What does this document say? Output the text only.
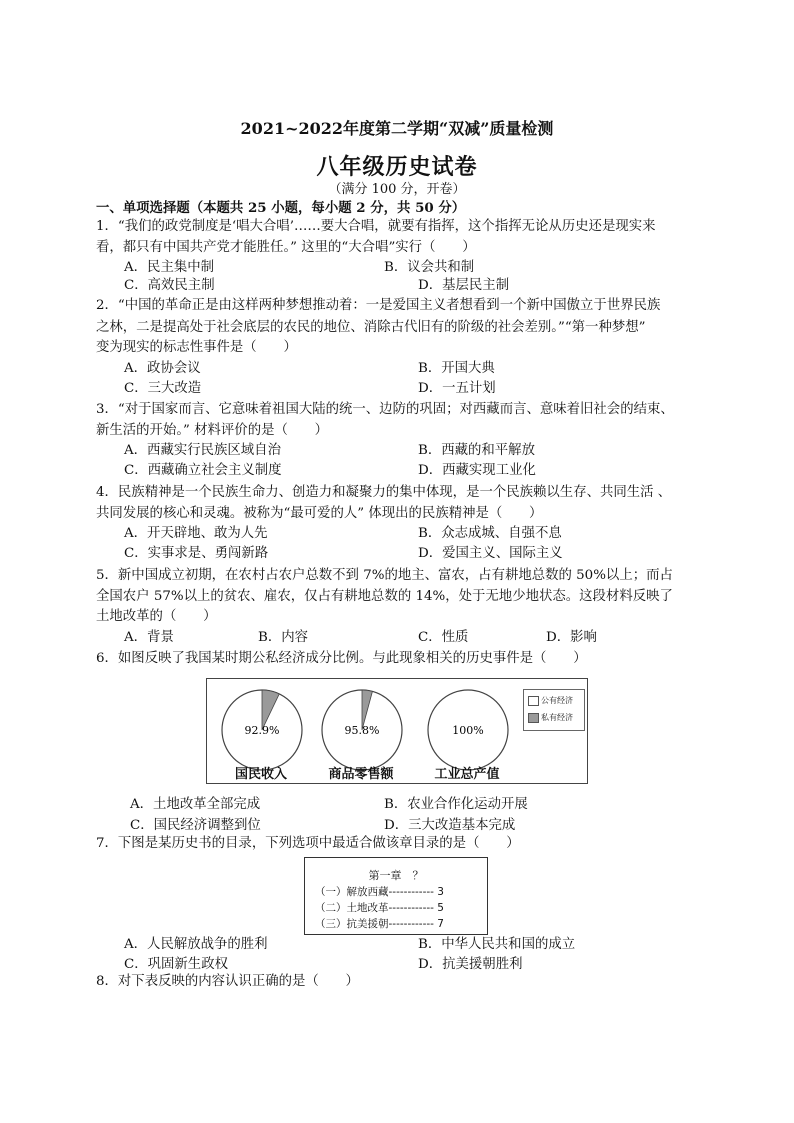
2021~2022年度第二学期“双减”质量检测
八年级历史试卷
（满分 100 分，开卷）
一、单项选择题（本题共 25 小题，每小题 2 分，共 50 分）
1．“我们的政党制度是‘唱大合唱’……要大合唱，就要有指挥，这个指挥无论从历史还是现实来
看，都只有中国共产党才能胜任。” 这里的“大合唱”实行（　　）
A．民主集中制	B．议会共和制
C．高效民主制	D．基层民主制
2．“中国的革命正是由这样两种梦想推动着：一是爱国主义者想看到一个新中国傲立于世界民族
之林，二是提高处于社会底层的农民的地位、消除古代旧有的阶级的社会差别。”“第一种梦想”
变为现实的标志性事件是（　　）
A．政协会议	B．开国大典
C．三大改造	D．一五计划
3．“对于国家而言、它意味着祖国大陆的统一、边防的巩固；对西藏而言、意味着旧社会的结束、
新生活的开始。” 材料评价的是（　　）
A．西藏实行民族区域自治	B．西藏的和平解放
C．西藏确立社会主义制度	D．西藏实现工业化
4．民族精神是一个民族生命力、创造力和凝聚力的集中体现，是一个民族赖以生存、共同生活 、
共同发展的核心和灵魂。被称为“最可爱的人” 体现出的民族精神是（　　）
A．开天辟地、敢为人先	B．众志成城、自强不息
C．实事求是、勇闯新路	D．爱国主义、国际主义
5．新中国成立初期，在农村占农户总数不到 7%的地主、富农，占有耕地总数的 50%以上；而占
全国农户 57%以上的贫农、雇农，仅占有耕地总数的 14%，处于无地少地状态。这段材料反映了
土地改革的（　　）
A．背景	B．内容	C．性质	D．影响
6．如图反映了我国某时期公私经济成分比例。与此现象相关的历史事件是（　　）
92.9%
国民收入
95.8%
商品零售额
100%
工业总产值
公有经济
私有经济
A．土地改革全部完成	B．农业合作化运动开展
C．国民经济调整到位	D．三大改造基本完成
7．下图是某历史书的目录，下列选项中最适合做该章目录的是（　　）
第一章　？
（一）解放西藏------------ 3
（二）土地改革------------ 5
（三）抗美援朝------------ 7
A．人民解放战争的胜利	B．中华人民共和国的成立
C．巩固新生政权	D．抗美援朝胜利
8．对下表反映的内容认识正确的是（　　）
